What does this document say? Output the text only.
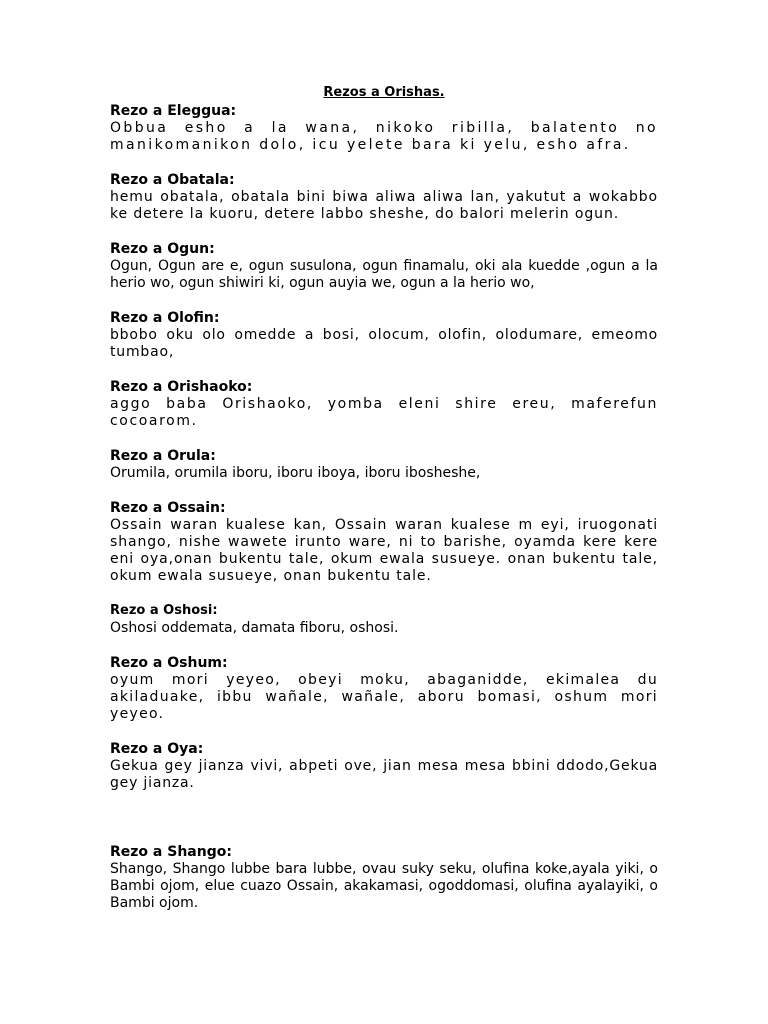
Rezos a Orishas.
Rezo a Eleggua:
Obbua esho a la wana, nikoko ribilla, balatento no manikomanikon dolo, icu yelete bara ki yelu, esho afra.
Rezo a Obatala:
hemu obatala, obatala bini biwa aliwa aliwa lan, yakutut a wokabbo ke detere la kuoru, detere labbo sheshe, do balori melerin ogun.
Rezo a Ogun:
Ogun, Ogun are e, ogun susulona, ogun finamalu, oki ala kuedde ,ogun a la herio wo, ogun shiwiri ki, ogun auyia we, ogun a la herio wo,
Rezo a Olofin:
bbobo oku olo omedde a bosi, olocum, olofin, olodumare, emeomo tumbao,
Rezo a Orishaoko:
aggo baba Orishaoko, yomba eleni shire ereu, maferefun cocoarom.
Rezo a Orula:
Orumila, orumila iboru, iboru iboya, iboru ibosheshe,
Rezo a Ossain:
Ossain waran kualese kan, Ossain waran kualese m eyi, iruogonati shango, nishe wawete irunto ware, ni to barishe, oyamda kere kere eni oya,onan bukentu tale, okum ewala susueye. onan bukentu tale, okum ewala susueye, onan bukentu tale.
Rezo a Oshosi:
Oshosi oddemata, damata fiboru, oshosi.
Rezo a Oshum:
oyum mori yeyeo, obeyi moku, abaganidde, ekimalea du akiladuake, ibbu wañale, wañale, aboru bomasi, oshum mori yeyeo.
Rezo a Oya:
Gekua gey jianza vivi, abpeti ove, jian mesa mesa bbini ddodo,Gekua gey jianza.
Rezo a Shango:
Shango, Shango lubbe bara lubbe, ovau suky seku, olufina koke,ayala yiki, o Bambi ojom, elue cuazo Ossain, akakamasi, ogoddomasi, olufina ayalayiki, o Bambi ojom.
